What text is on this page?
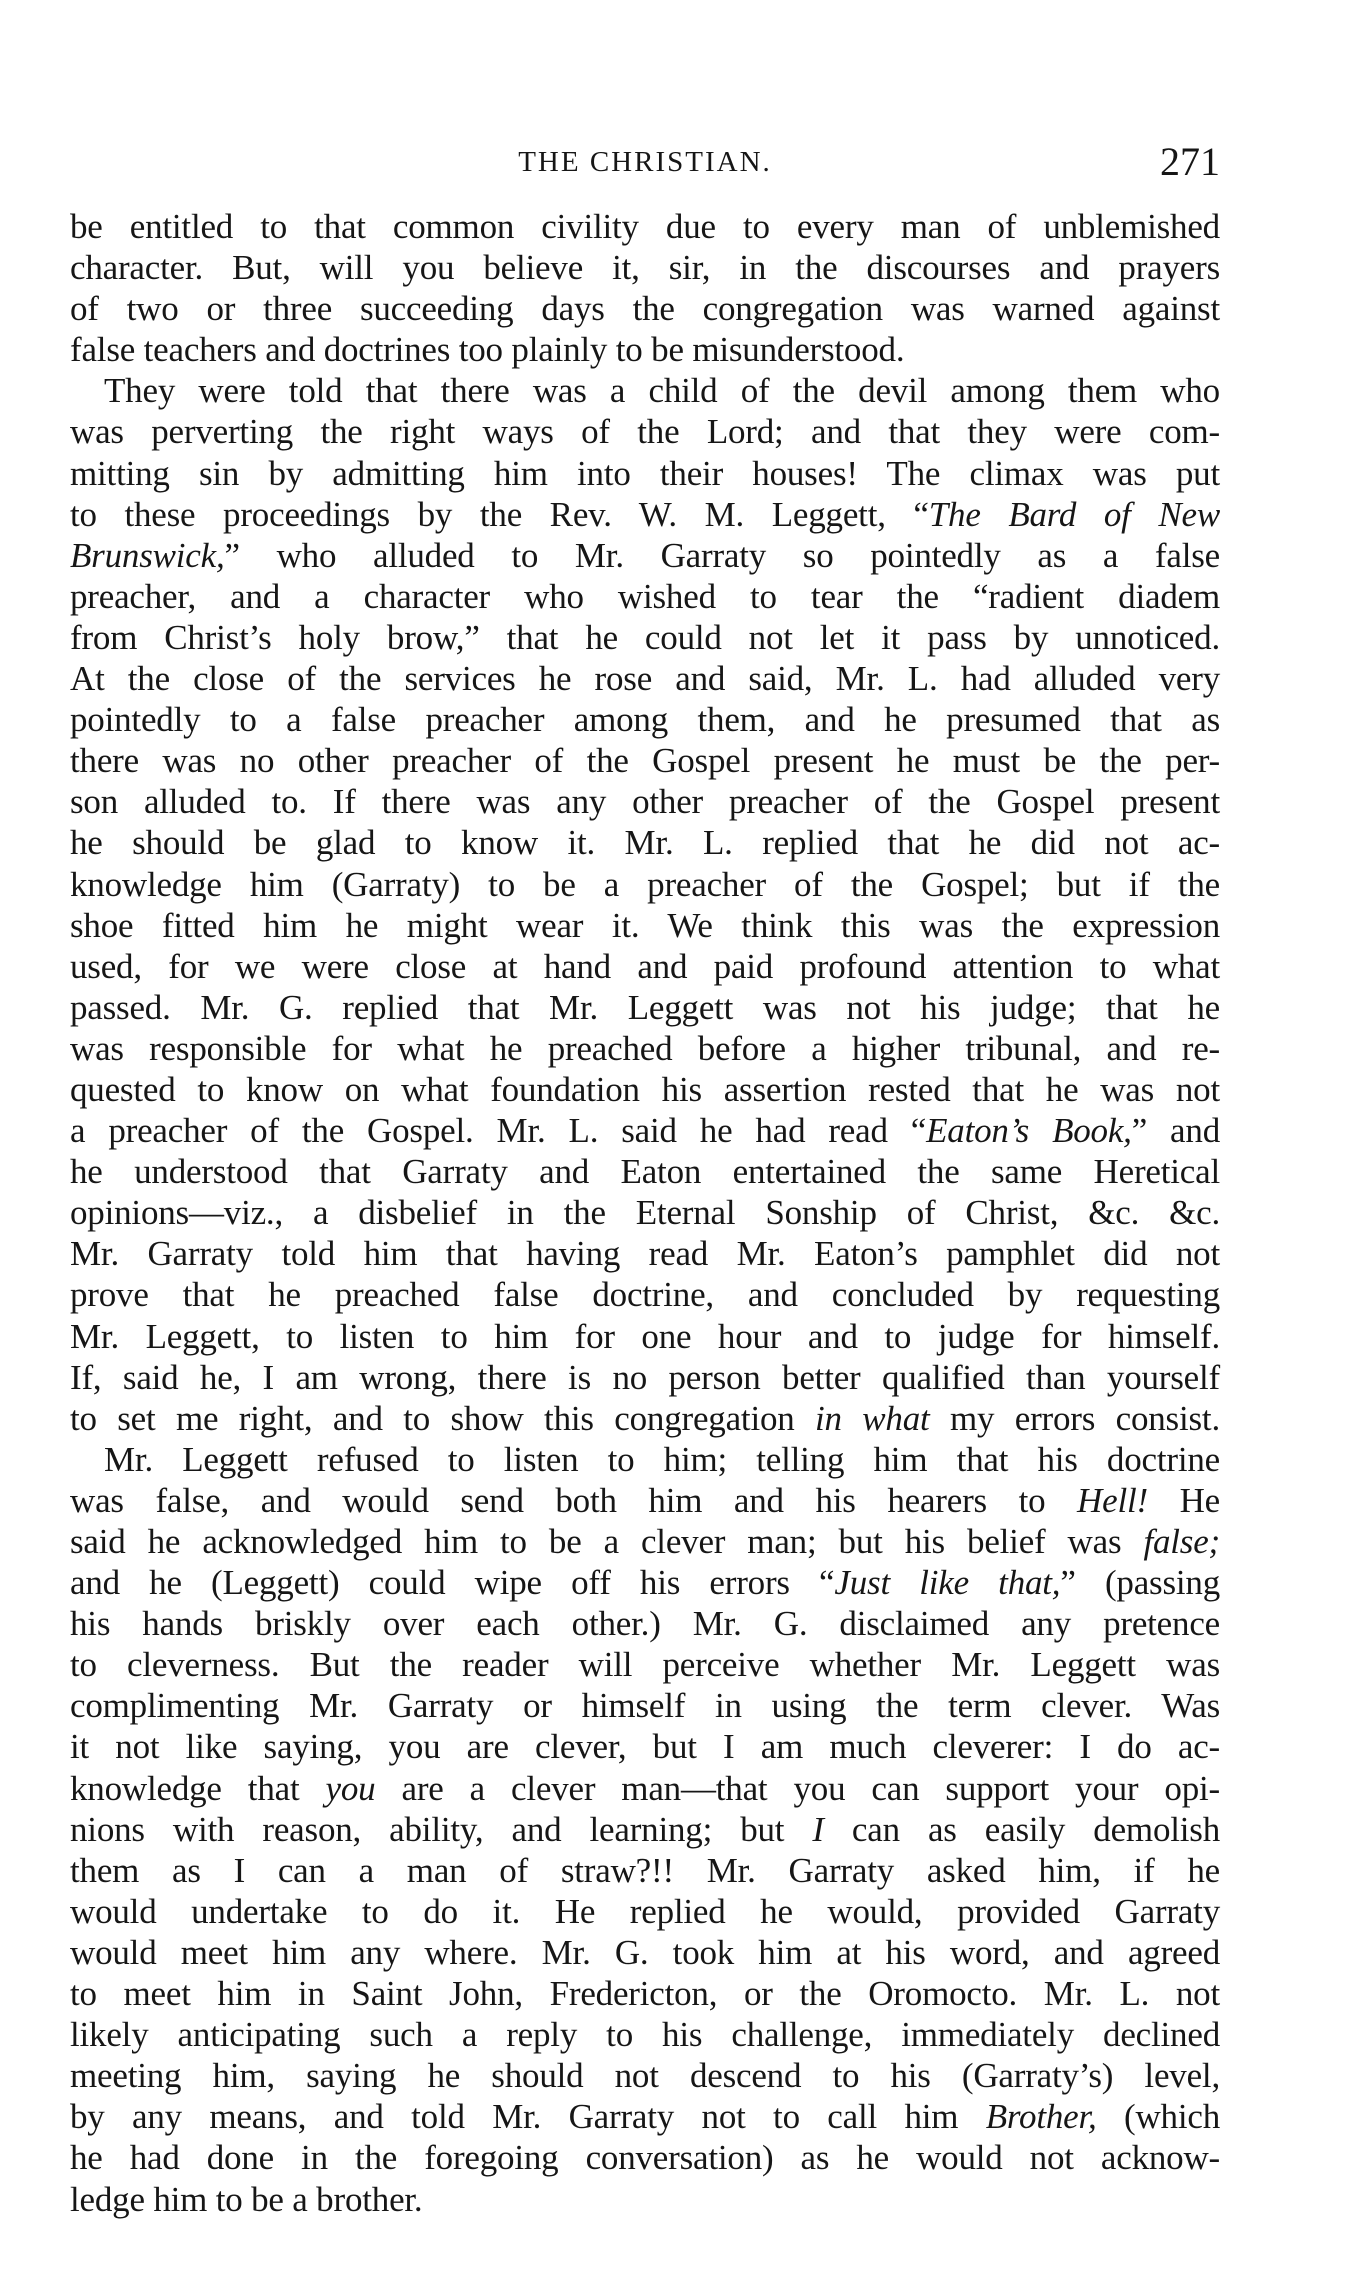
THE CHRISTIAN.	271
be entitled to that common civility due to every man of unblemished
character. But, will you believe it, sir, in the discourses and prayers
of two or three succeeding days the congregation was warned against
false teachers and doctrines too plainly to be misunderstood.
They were told that there was a child of the devil among them who
was perverting the right ways of the Lord; and that they were com-
mitting sin by admitting him into their houses! The climax was put
to these proceedings by the Rev. W. M. Leggett, “The Bard of New
Brunswick,” who alluded to Mr. Garraty so pointedly as a false
preacher, and a character who wished to tear the “radient diadem
from Christ’s holy brow,” that he could not let it pass by unnoticed.
At the close of the services he rose and said, Mr. L. had alluded very
pointedly to a false preacher among them, and he presumed that as
there was no other preacher of the Gospel present he must be the per-
son alluded to. If there was any other preacher of the Gospel present
he should be glad to know it. Mr. L. replied that he did not ac-
knowledge him (Garraty) to be a preacher of the Gospel; but if the
shoe fitted him he might wear it. We think this was the expression
used, for we were close at hand and paid profound attention to what
passed. Mr. G. replied that Mr. Leggett was not his judge; that he
was responsible for what he preached before a higher tribunal, and re-
quested to know on what foundation his assertion rested that he was not
a preacher of the Gospel. Mr. L. said he had read “Eaton’s Book,” and
he understood that Garraty and Eaton entertained the same Heretical
opinions—viz., a disbelief in the Eternal Sonship of Christ, &c. &c.
Mr. Garraty told him that having read Mr. Eaton’s pamphlet did not
prove that he preached false doctrine, and concluded by requesting
Mr. Leggett, to listen to him for one hour and to judge for himself.
If, said he, I am wrong, there is no person better qualified than yourself
to set me right, and to show this congregation in what my errors consist.
Mr. Leggett refused to listen to him; telling him that his doctrine
was false, and would send both him and his hearers to Hell! He
said he acknowledged him to be a clever man; but his belief was false;
and he (Leggett) could wipe off his errors “Just like that,” (passing
his hands briskly over each other.) Mr. G. disclaimed any pretence
to cleverness. But the reader will perceive whether Mr. Leggett was
complimenting Mr. Garraty or himself in using the term clever. Was
it not like saying, you are clever, but I am much cleverer: I do ac-
knowledge that you are a clever man—that you can support your opi-
nions with reason, ability, and learning; but I can as easily demolish
them as I can a man of straw?!! Mr. Garraty asked him, if he
would undertake to do it. He replied he would, provided Garraty
would meet him any where. Mr. G. took him at his word, and agreed
to meet him in Saint John, Fredericton, or the Oromocto. Mr. L. not
likely anticipating such a reply to his challenge, immediately declined
meeting him, saying he should not descend to his (Garraty’s) level,
by any means, and told Mr. Garraty not to call him Brother, (which
he had done in the foregoing conversation) as he would not acknow-
ledge him to be a brother.
